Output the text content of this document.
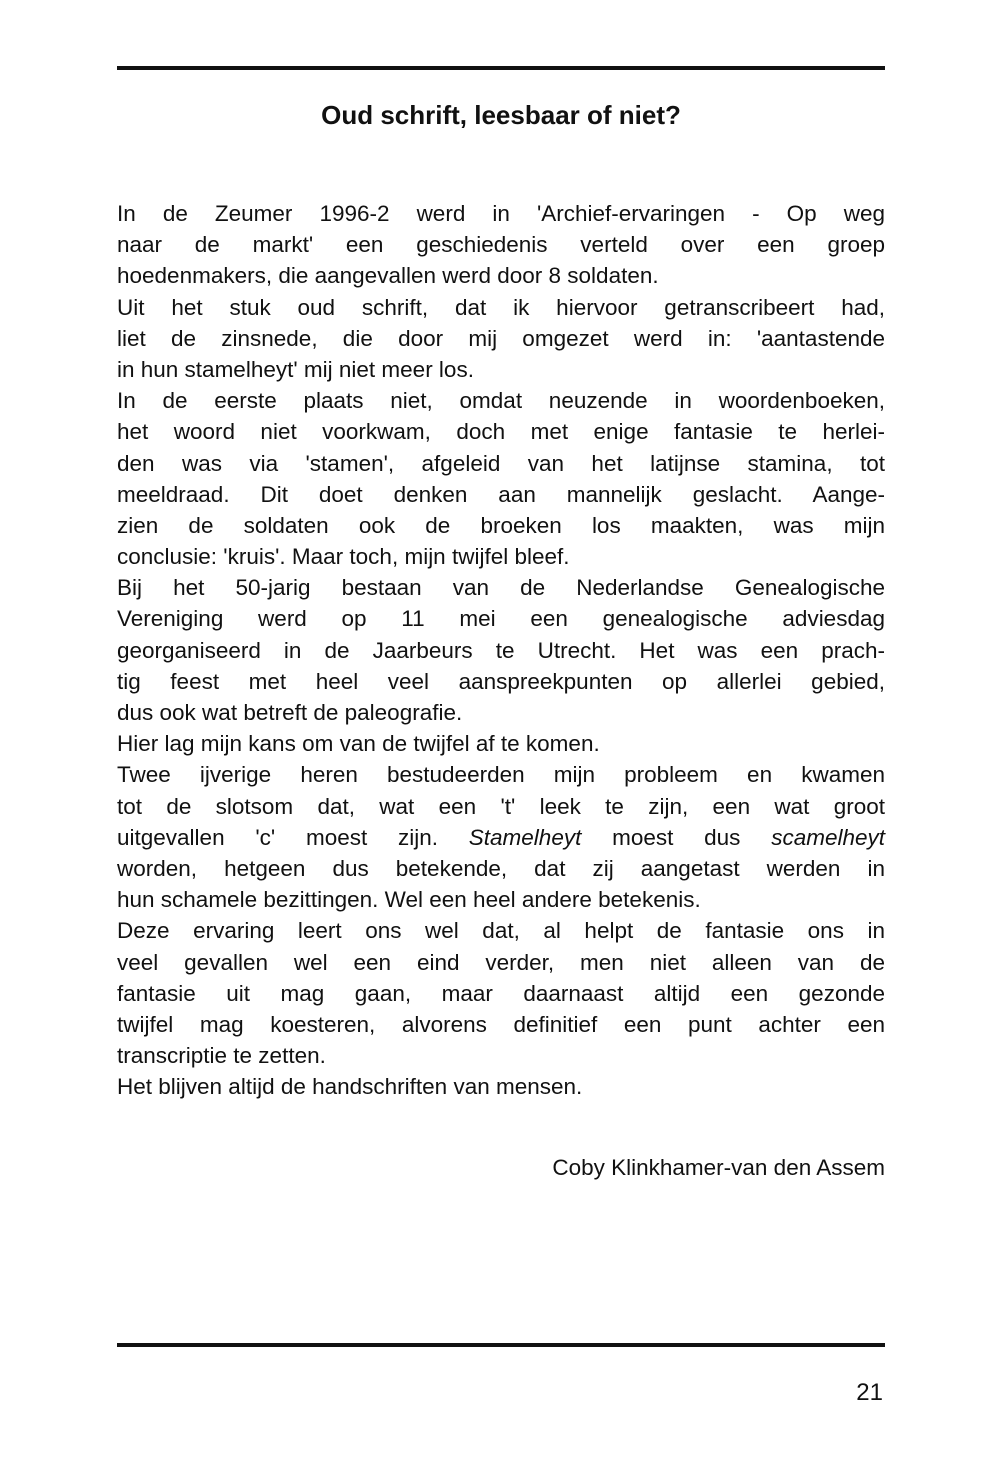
Oud schrift, leesbaar of niet?
In de Zeumer 1996-2 werd in 'Archief-ervaringen - Op weg
naar de markt' een geschiedenis verteld over een groep
hoedenmakers, die aangevallen werd door 8 soldaten.
Uit het stuk oud schrift, dat ik hiervoor getranscribeert had,
liet de zinsnede, die door mij omgezet werd in: 'aantastende
in hun stamelheyt' mij niet meer los.
In de eerste plaats niet, omdat neuzende in woordenboeken,
het woord niet voorkwam, doch met enige fantasie te herlei-
den was via 'stamen', afgeleid van het latijnse stamina, tot
meeldraad. Dit doet denken aan mannelijk geslacht. Aange-
zien de soldaten ook de broeken los maakten, was mijn
conclusie: 'kruis'. Maar toch, mijn twijfel bleef.
Bij het 50-jarig bestaan van de Nederlandse Genealogische
Vereniging werd op 11 mei een genealogische adviesdag
georganiseerd in de Jaarbeurs te Utrecht. Het was een prach-
tig feest met heel veel aanspreekpunten op allerlei gebied,
dus ook wat betreft de paleografie.
Hier lag mijn kans om van de twijfel af te komen.
Twee ijverige heren bestudeerden mijn probleem en kwamen
tot de slotsom dat, wat een 't' leek te zijn, een wat groot
uitgevallen 'c' moest zijn. Stamelheyt moest dus scamelheyt
worden, hetgeen dus betekende, dat zij aangetast werden in
hun schamele bezittingen. Wel een heel andere betekenis.
Deze ervaring leert ons wel dat, al helpt de fantasie ons in
veel gevallen wel een eind verder, men niet alleen van de
fantasie uit mag gaan, maar daarnaast altijd een gezonde
twijfel mag koesteren, alvorens definitief een punt achter een
transcriptie te zetten.
Het blijven altijd de handschriften van mensen.
Coby Klinkhamer-van den Assem
21
